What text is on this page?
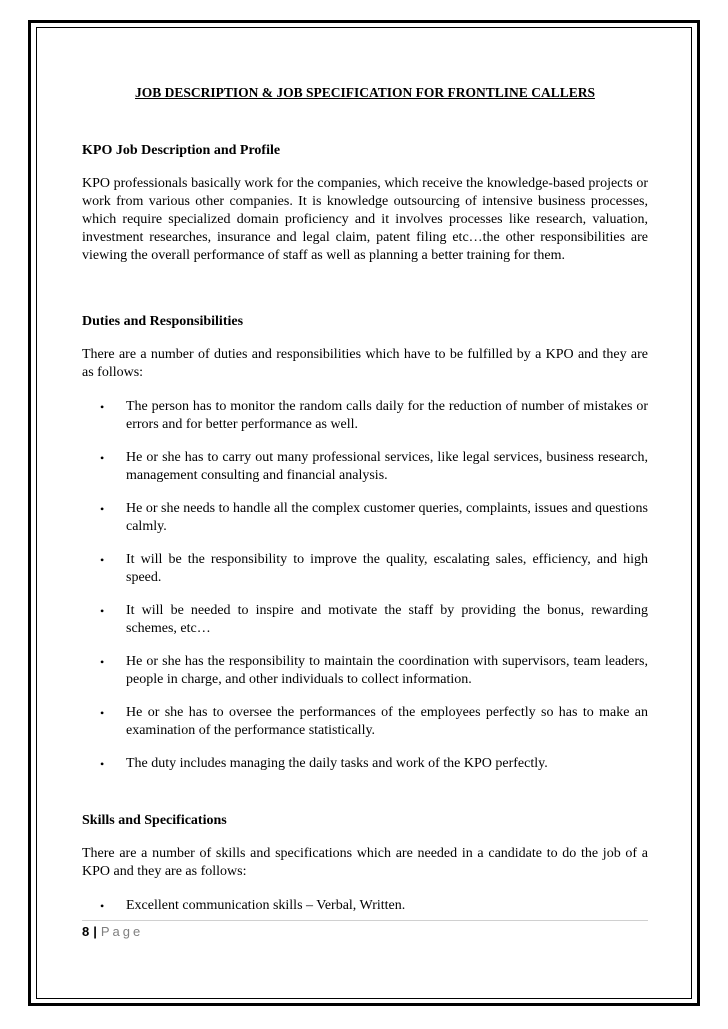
JOB DESCRIPTION & JOB SPECIFICATION FOR FRONTLINE CALLERS

KPO Job Description and Profile

KPO professionals basically work for the companies, which receive the knowledge-based projects or work from various other companies. It is knowledge outsourcing of intensive business processes, which require specialized domain proficiency and it involves processes like research, valuation, investment researches, insurance and legal claim, patent filing etc…the other responsibilities are viewing the overall performance of staff as well as planning a better training for them.

Duties and Responsibilities

There are a number of duties and responsibilities which have to be fulfilled by a KPO and they are as follows:

• The person has to monitor the random calls daily for the reduction of number of mistakes or errors and for better performance as well.
• He or she has to carry out many professional services, like legal services, business research, management consulting and financial analysis.
• He or she needs to handle all the complex customer queries, complaints, issues and questions calmly.
• It will be the responsibility to improve the quality, escalating sales, efficiency, and high speed.
• It will be needed to inspire and motivate the staff by providing the bonus, rewarding schemes, etc…
• He or she has the responsibility to maintain the coordination with supervisors, team leaders, people in charge, and other individuals to collect information.
• He or she has to oversee the performances of the employees perfectly so has to make an examination of the performance statistically.
• The duty includes managing the daily tasks and work of the KPO perfectly.

Skills and Specifications

There are a number of skills and specifications which are needed in a candidate to do the job of a KPO and they are as follows:

• Excellent communication skills – Verbal, Written.
8 | Page
